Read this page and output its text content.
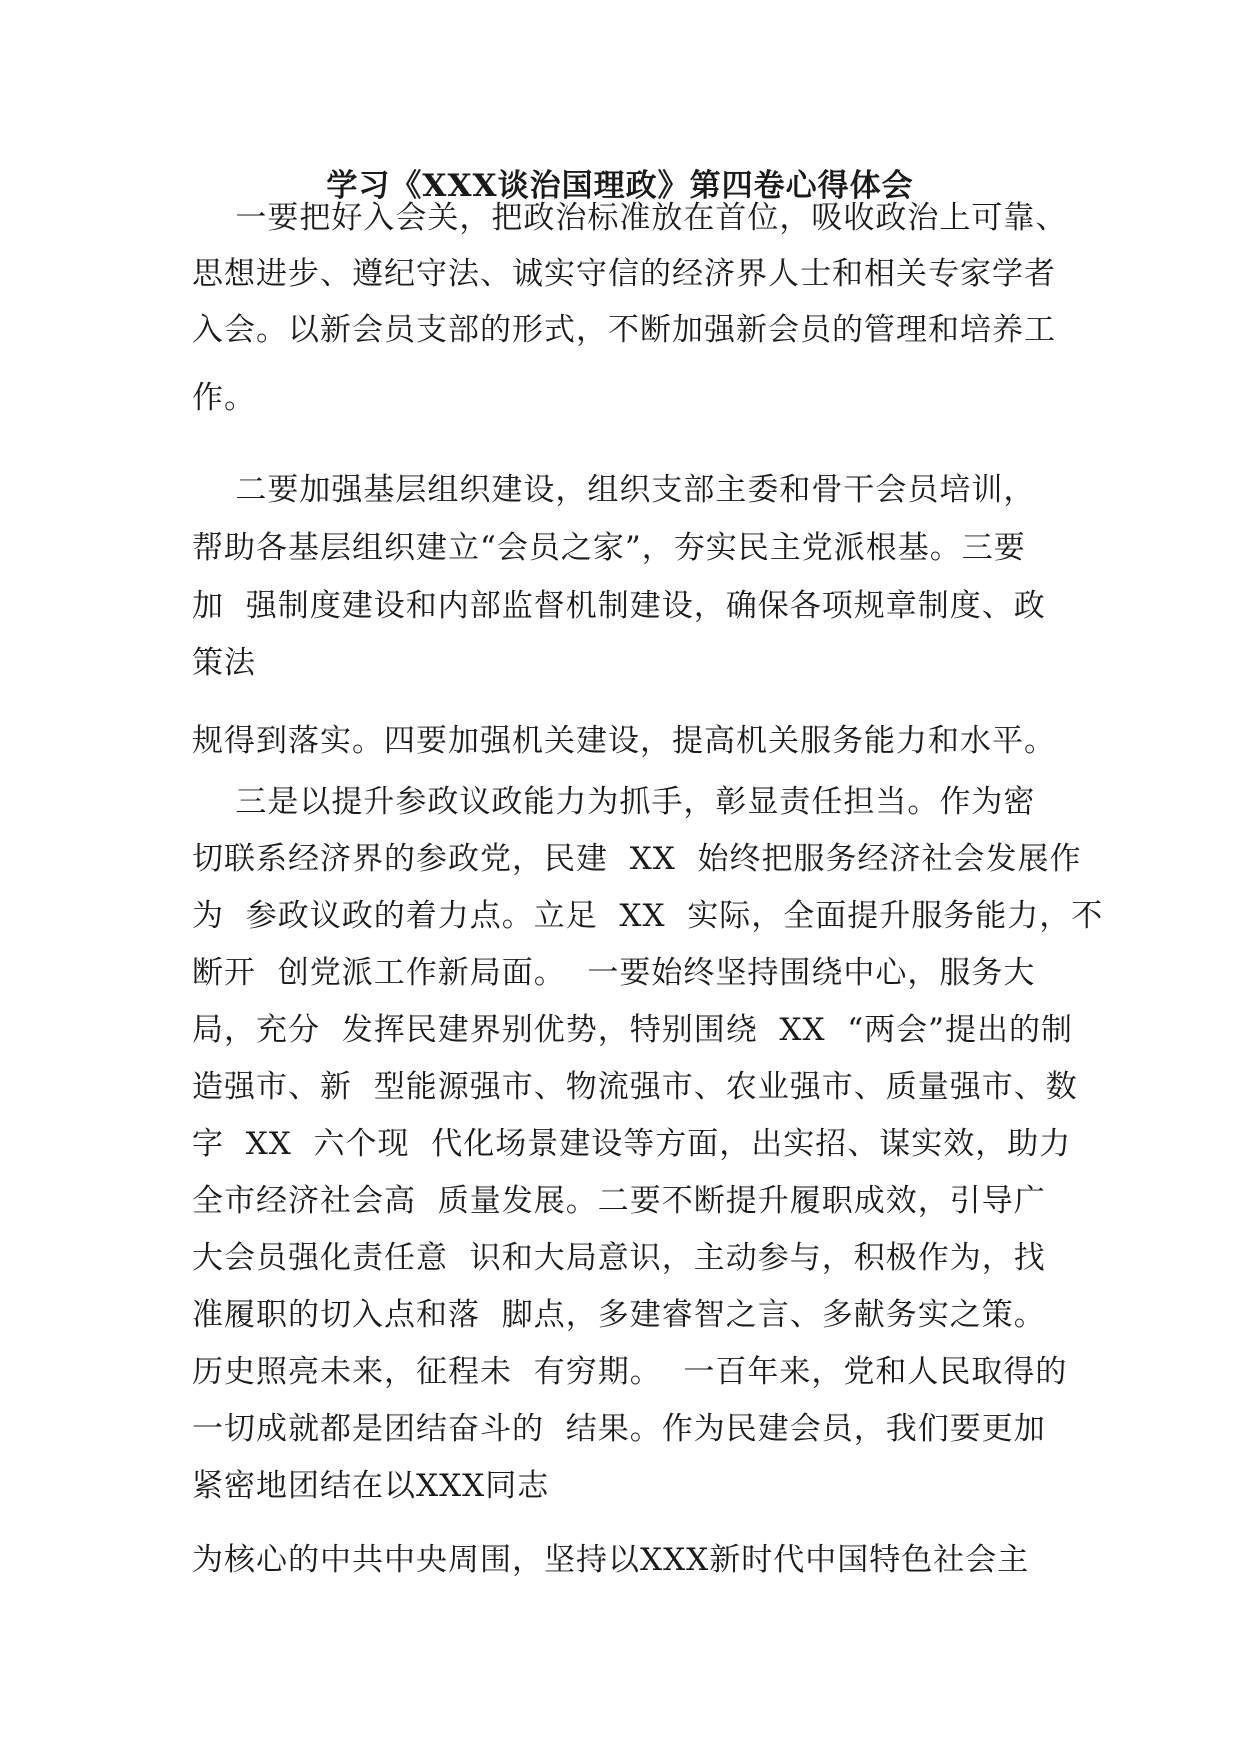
学习《XXX谈治国理政》第四卷心得体会
一要把好入会关，把政治标准放在首位，吸收政治上可靠、
思想进步、遵纪守法、诚实守信的经济界人士和相关专家学者
入会。以新会员支部的形式，不断加强新会员的管理和培养工
作。
二要加强基层组织建设，组织支部主委和骨干会员培训，
帮助各基层组织建立“会员之家”，夯实民主党派根基。三要
加  强制度建设和内部监督机制建设，确保各项规章制度、政
策法
规得到落实。四要加强机关建设，提高机关服务能力和水平。
三是以提升参政议政能力为抓手，彰显责任担当。作为密
切联系经济界的参政党，民建  XX  始终把服务经济社会发展作
为  参政议政的着力点。立足  XX  实际，全面提升服务能力，不
断开  创党派工作新局面。  一要始终坚持围绕中心，服务大
局，充分  发挥民建界别优势，特别围绕  XX  “两会”提出的制
造强市、新  型能源强市、物流强市、农业强市、质量强市、数
字  XX  六个现  代化场景建设等方面，出实招、谋实效，助力
全市经济社会高  质量发展。二要不断提升履职成效，引导广
大会员强化责任意  识和大局意识，主动参与，积极作为，找
准履职的切入点和落  脚点，多建睿智之言、多献务实之策。
历史照亮未来，征程未  有穷期。  一百年来，党和人民取得的
一切成就都是团结奋斗的  结果。作为民建会员，我们要更加
紧密地团结在以XXX同志
为核心的中共中央周围，坚持以XXX新时代中国特色社会主
